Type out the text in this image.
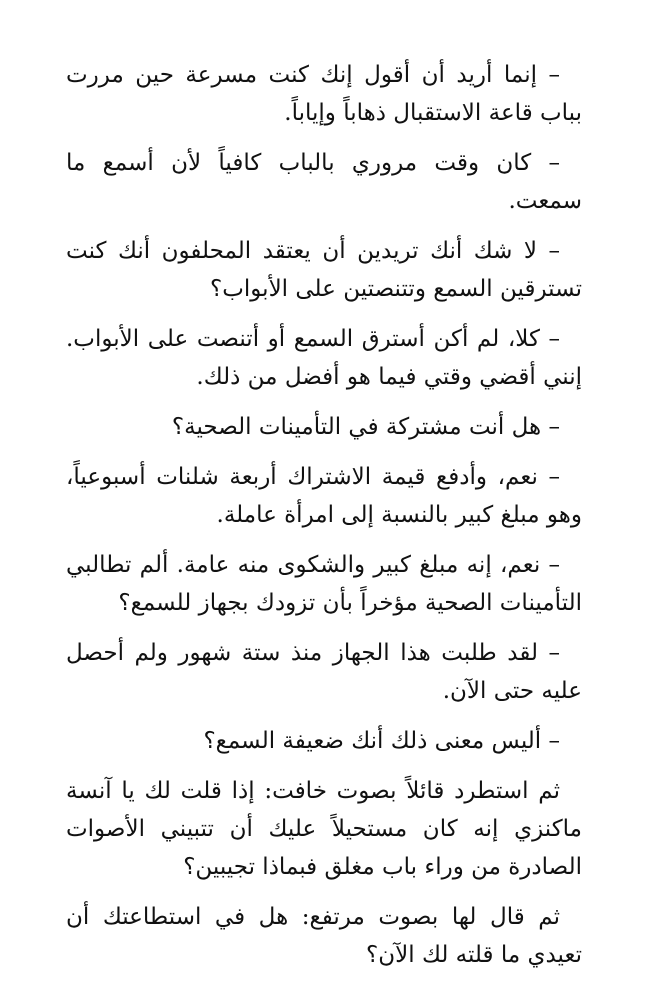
– إنما أريد أن أقول إنك كنت مسرعة حين مررت بباب قاعة الاستقبال ذهاباً وإياباً.

– كان وقت مروري بالباب كافياً لأن أسمع ما سمعت.

– لا شك أنك تريدين أن يعتقد المحلفون أنك كنت تسترقين السمع وتتنصتين على الأبواب؟

– كلا، لم أكن أسترق السمع أو أتنصت على الأبواب. إنني أقضي وقتي فيما هو أفضل من ذلك.

– هل أنت مشتركة في التأمينات الصحية؟

– نعم، وأدفع قيمة الاشتراك أربعة شلنات أسبوعياً، وهو مبلغ كبير بالنسبة إلى امرأة عاملة.

– نعم، إنه مبلغ كبير والشكوى منه عامة. ألم تطالبي التأمينات الصحية مؤخراً بأن تزودك بجهاز للسمع؟

– لقد طلبت هذا الجهاز منذ ستة شهور ولم أحصل عليه حتى الآن.

– أليس معنى ذلك أنك ضعيفة السمع؟

ثم استطرد قائلاً بصوت خافت: إذا قلت لك يا آنسة ماكنزي إنه كان مستحيلاً عليك أن تتبيني الأصوات الصادرة من وراء باب مغلق فبماذا تجيبين؟

ثم قال لها بصوت مرتفع: هل في استطاعتك أن تعيدي ما قلته لك الآن؟
